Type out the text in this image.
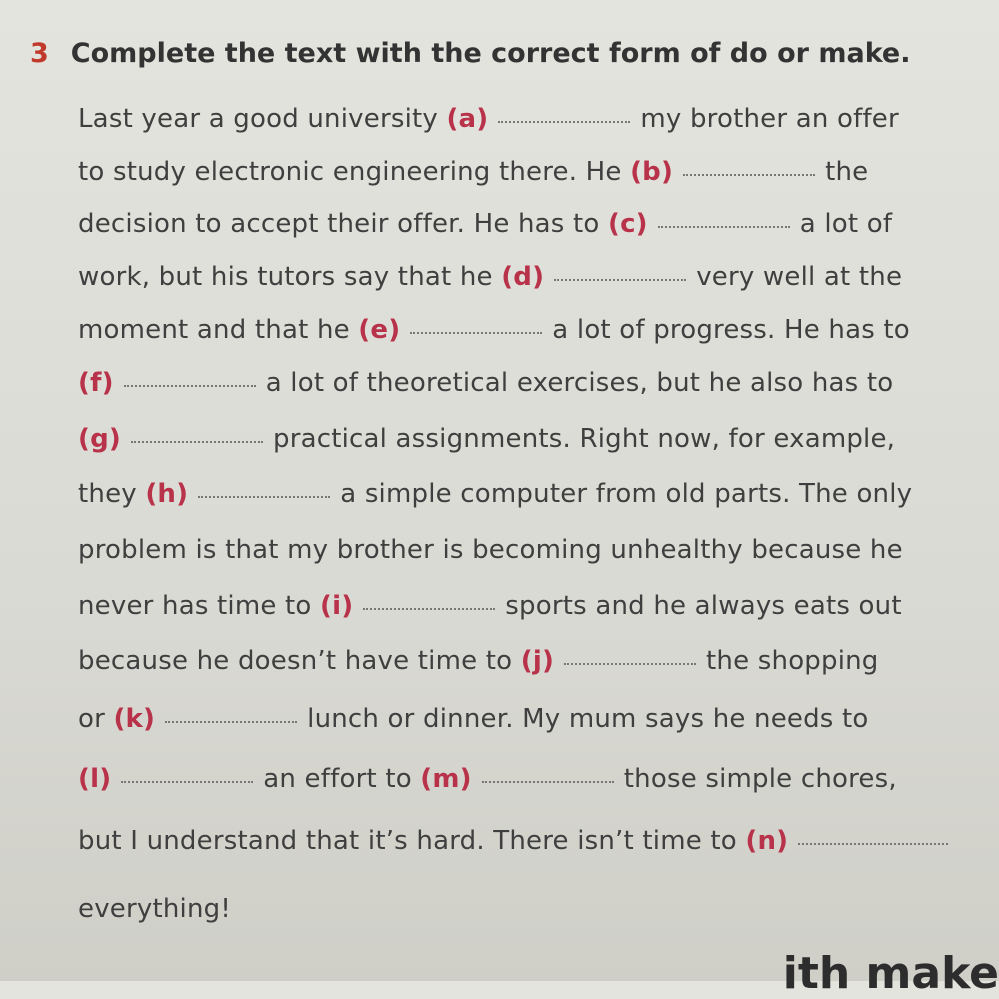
3 Complete the text with the correct form of do or make.
Last year a good university (a)	my brother an offer
to study electronic engineering there. He (b)	the
decision to accept their offer. He has to (c)	a lot of
work, but his tutors say that he (d)	very well at the
moment and that he (e)	a lot of progress. He has to
(f)	a lot of theoretical exercises, but he also has to
(g)	practical assignments. Right now, for example,
they (h)	a simple computer from old parts. The only
problem is that my brother is becoming unhealthy because he
never has time to (i)	sports and he always eats out
because he doesn’t have time to (j)	the shopping
or (k)	lunch or dinner. My mum says he needs to
(l)	an effort to (m)	those simple chores,
but I understand that it’s hard. There isn’t time to (n)
everything!
ith make
